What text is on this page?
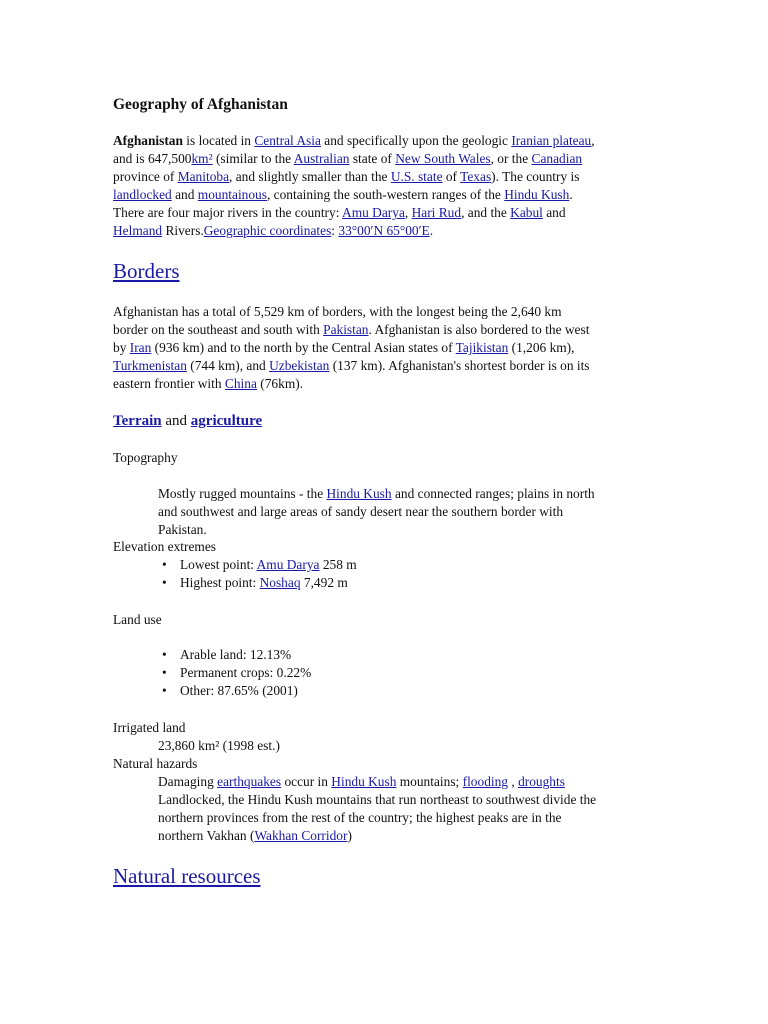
Geography of Afghanistan
Afghanistan is located in Central Asia and specifically upon the geologic Iranian plateau,
and is 647,500km² (similar to the Australian state of New South Wales, or the Canadian
province of Manitoba, and slightly smaller than the U.S. state of Texas). The country is
landlocked and mountainous, containing the south-western ranges of the Hindu Kush.
There are four major rivers in the country: Amu Darya, Hari Rud, and the Kabul and
Helmand Rivers.Geographic coordinates: 33°00′N 65°00′E.
Borders
Afghanistan has a total of 5,529 km of borders, with the longest being the 2,640 km
border on the southeast and south with Pakistan. Afghanistan is also bordered to the west
by Iran (936 km) and to the north by the Central Asian states of Tajikistan (1,206 km),
Turkmenistan (744 km), and Uzbekistan (137 km). Afghanistan's shortest border is on its
eastern frontier with China (76km).
Terrain and agriculture
Topography
Mostly rugged mountains - the Hindu Kush and connected ranges; plains in north
and southwest and large areas of sandy desert near the southern border with
Pakistan.
Elevation extremes
• Lowest point: Amu Darya 258 m
• Highest point: Noshaq 7,492 m
Land use
• Arable land: 12.13%
• Permanent crops: 0.22%
• Other: 87.65% (2001)
Irrigated land
23,860 km² (1998 est.)
Natural hazards
Damaging earthquakes occur in Hindu Kush mountains; flooding , droughts
Landlocked, the Hindu Kush mountains that run northeast to southwest divide the
northern provinces from the rest of the country; the highest peaks are in the
northern Vakhan (Wakhan Corridor)
Natural resources
